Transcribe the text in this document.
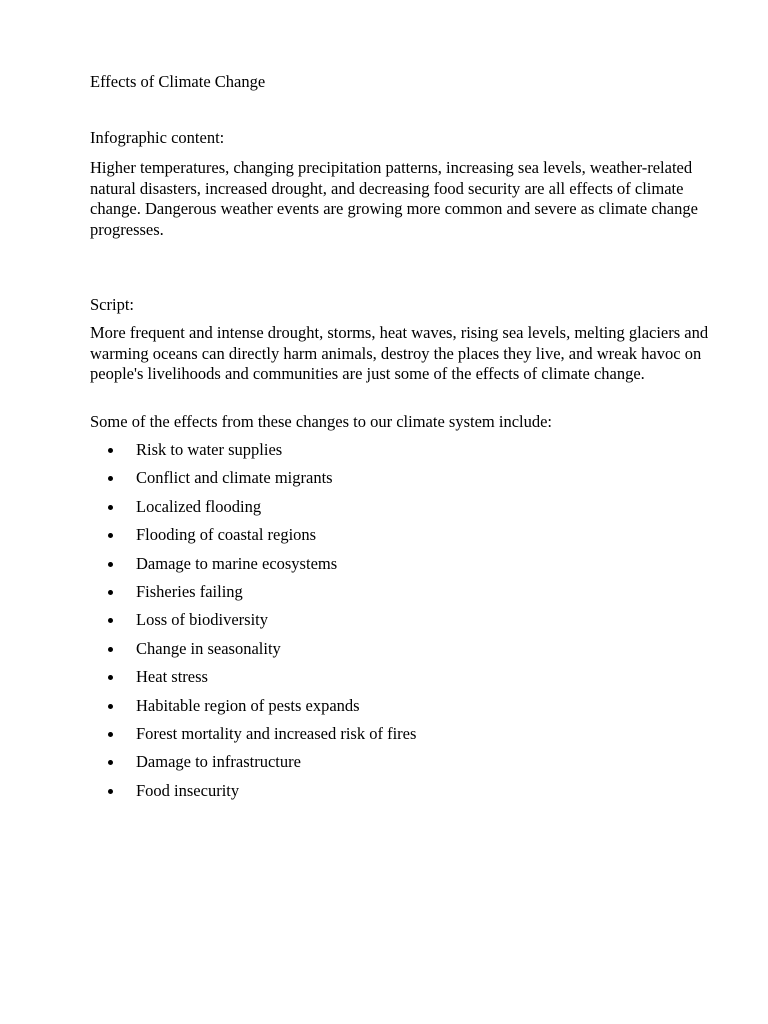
Effects of Climate Change

Infographic content:

Higher temperatures, changing precipitation patterns, increasing sea levels, weather-related natural disasters, increased drought, and decreasing food security are all effects of climate change. Dangerous weather events are growing more common and severe as climate change progresses.

Script:

More frequent and intense drought, storms, heat waves, rising sea levels, melting glaciers and warming oceans can directly harm animals, destroy the places they live, and wreak havoc on people's livelihoods and communities are just some of the effects of climate change.

Some of the effects from these changes to our climate system include:

Risk to water supplies
Conflict and climate migrants
Localized flooding
Flooding of coastal regions
Damage to marine ecosystems
Fisheries failing
Loss of biodiversity
Change in seasonality
Heat stress
Habitable region of pests expands
Forest mortality and increased risk of fires
Damage to infrastructure
Food insecurity
